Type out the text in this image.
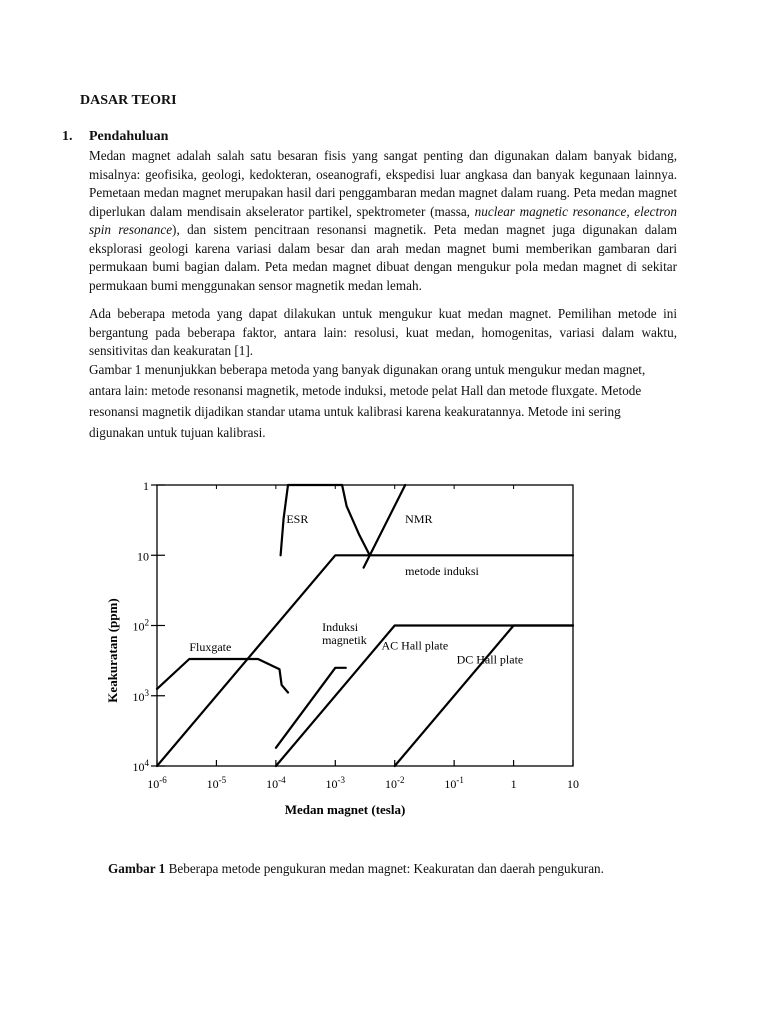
DASAR TEORI
1. Pendahuluan
Medan magnet adalah salah satu besaran fisis yang sangat penting dan digunakan dalam banyak bidang, misalnya: geofisika, geologi, kedokteran, oseanografi, ekspedisi luar angkasa dan banyak kegunaan lainnya. Pemetaan medan magnet merupakan hasil dari penggambaran medan magnet dalam ruang. Peta medan magnet diperlukan dalam mendisain akselerator partikel, spektrometer (massa, nuclear magnetic resonance, electron spin resonance), dan sistem pencitraan resonansi magnetik. Peta medan magnet juga digunakan dalam eksplorasi geologi karena variasi dalam besar dan arah medan magnet bumi memberikan gambaran dari permukaan bumi bagian dalam. Peta medan magnet dibuat dengan mengukur pola medan magnet di sekitar permukaan bumi menggunakan sensor magnetik medan lemah.
Ada beberapa metoda yang dapat dilakukan untuk mengukur kuat medan magnet. Pemilihan metode ini bergantung pada beberapa faktor, antara lain: resolusi, kuat medan, homogenitas, variasi dalam waktu, sensitivitas dan keakuratan [1].
Gambar 1 menunjukkan beberapa metoda yang banyak digunakan orang untuk mengukur medan magnet, antara lain: metode resonansi magnetik, metode induksi, metode pelat Hall dan metode fluxgate. Metode resonansi magnetik dijadikan standar utama untuk kalibrasi karena keakuratannya. Metode ini sering digunakan untuk tujuan kalibrasi.
$10^{-6}$	$10^{-5}$	$10^{-4}$	$10^{-3}$	$10^{-2}$	$10^{-1}$	1	10
1
10
$10^2$
$10^3$
$10^4$
Medan magnet (tesla)
Keakuratan (ppm)
ESR	NMR
metode induksi
Induksi
magnetik
Fluxgate	AC Hall plate
DC Hall plate
Gambar 1 Beberapa metode pengukuran medan magnet: Keakuratan dan daerah pengukuran.
